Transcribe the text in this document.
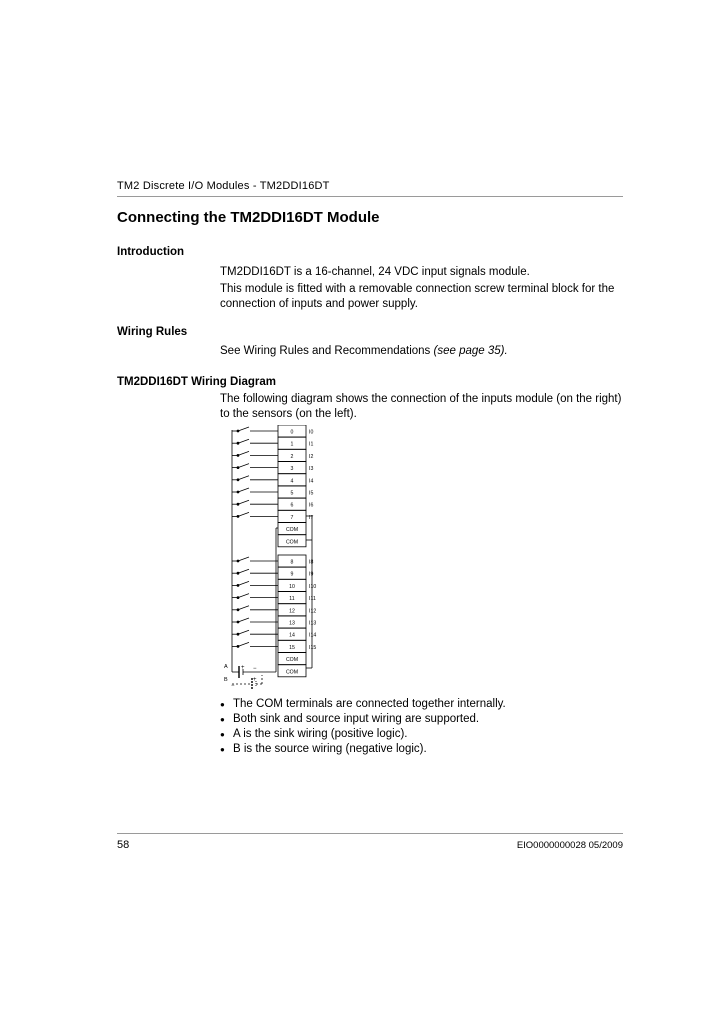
TM2 Discrete I/O Modules - TM2DDI16DT
Connecting the TM2DDI16DT Module
Introduction
TM2DDI16DT is a 16-channel, 24 VDC input signals module.
This module is fitted with a removable connection screw terminal block for the connection of inputs and power supply.
Wiring Rules
See Wiring Rules and Recommendations (see page 35).
TM2DDI16DT Wiring Diagram
The following diagram shows the connection of the inputs module (on the right) to the sensors (on the left).
0	I0
1	I1
2	I2
3	I3
4	I4
5	I5
6	I6
7	I7
COM
COM
8	I8
9	I9
10	I10
11	I11
12	I12
13	I13
14	I14
15	I15
COM
COM
A
B
+ −
−
+
● The COM terminals are connected together internally.
● Both sink and source input wiring are supported.
● A is the sink wiring (positive logic).
● B is the source wiring (negative logic).
58	EIO0000000028 05/2009
